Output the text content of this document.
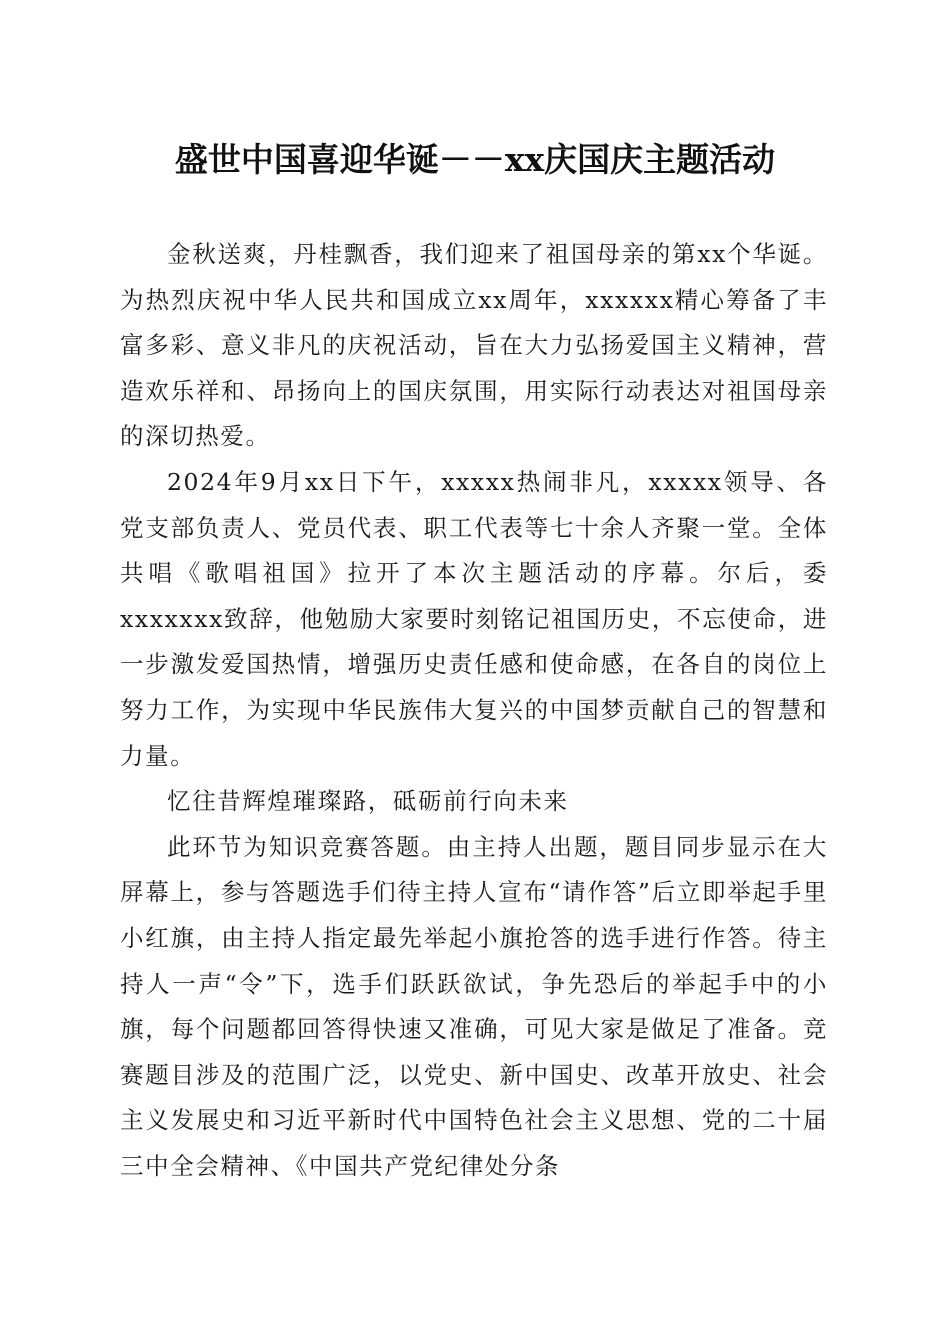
盛世中国喜迎华诞－－xx庆国庆主题活动

金秋送爽，丹桂飘香，我们迎来了祖国母亲的第xx个华诞。为热烈庆祝中华人民共和国成立xx周年，xxxxxx精心筹备了丰富多彩、意义非凡的庆祝活动，旨在大力弘扬爱国主义精神，营造欢乐祥和、昂扬向上的国庆氛围，用实际行动表达对祖国母亲的深切热爱。

2024年9月xx日下午，xxxxx热闹非凡，xxxxx领导、各党支部负责人、党员代表、职工代表等七十余人齐聚一堂。全体共唱《歌唱祖国》拉开了本次主题活动的序幕。尔后，委xxxxxxx致辞，他勉励大家要时刻铭记祖国历史，不忘使命，进一步激发爱国热情，增强历史责任感和使命感，在各自的岗位上努力工作，为实现中华民族伟大复兴的中国梦贡献自己的智慧和力量。

忆往昔辉煌璀璨路，砥砺前行向未来

此环节为知识竞赛答题。由主持人出题，题目同步显示在大屏幕上，参与答题选手们待主持人宣布“请作答”后立即举起手里小红旗，由主持人指定最先举起小旗抢答的选手进行作答。待主持人一声“令”下，选手们跃跃欲试，争先恐后的举起手中的小旗，每个问题都回答得快速又准确，可见大家是做足了准备。竞赛题目涉及的范围广泛，以党史、新中国史、改革开放史、社会主义发展史和习近平新时代中国特色社会主义思想、党的二十届三中全会精神、《中国共产党纪律处分条
